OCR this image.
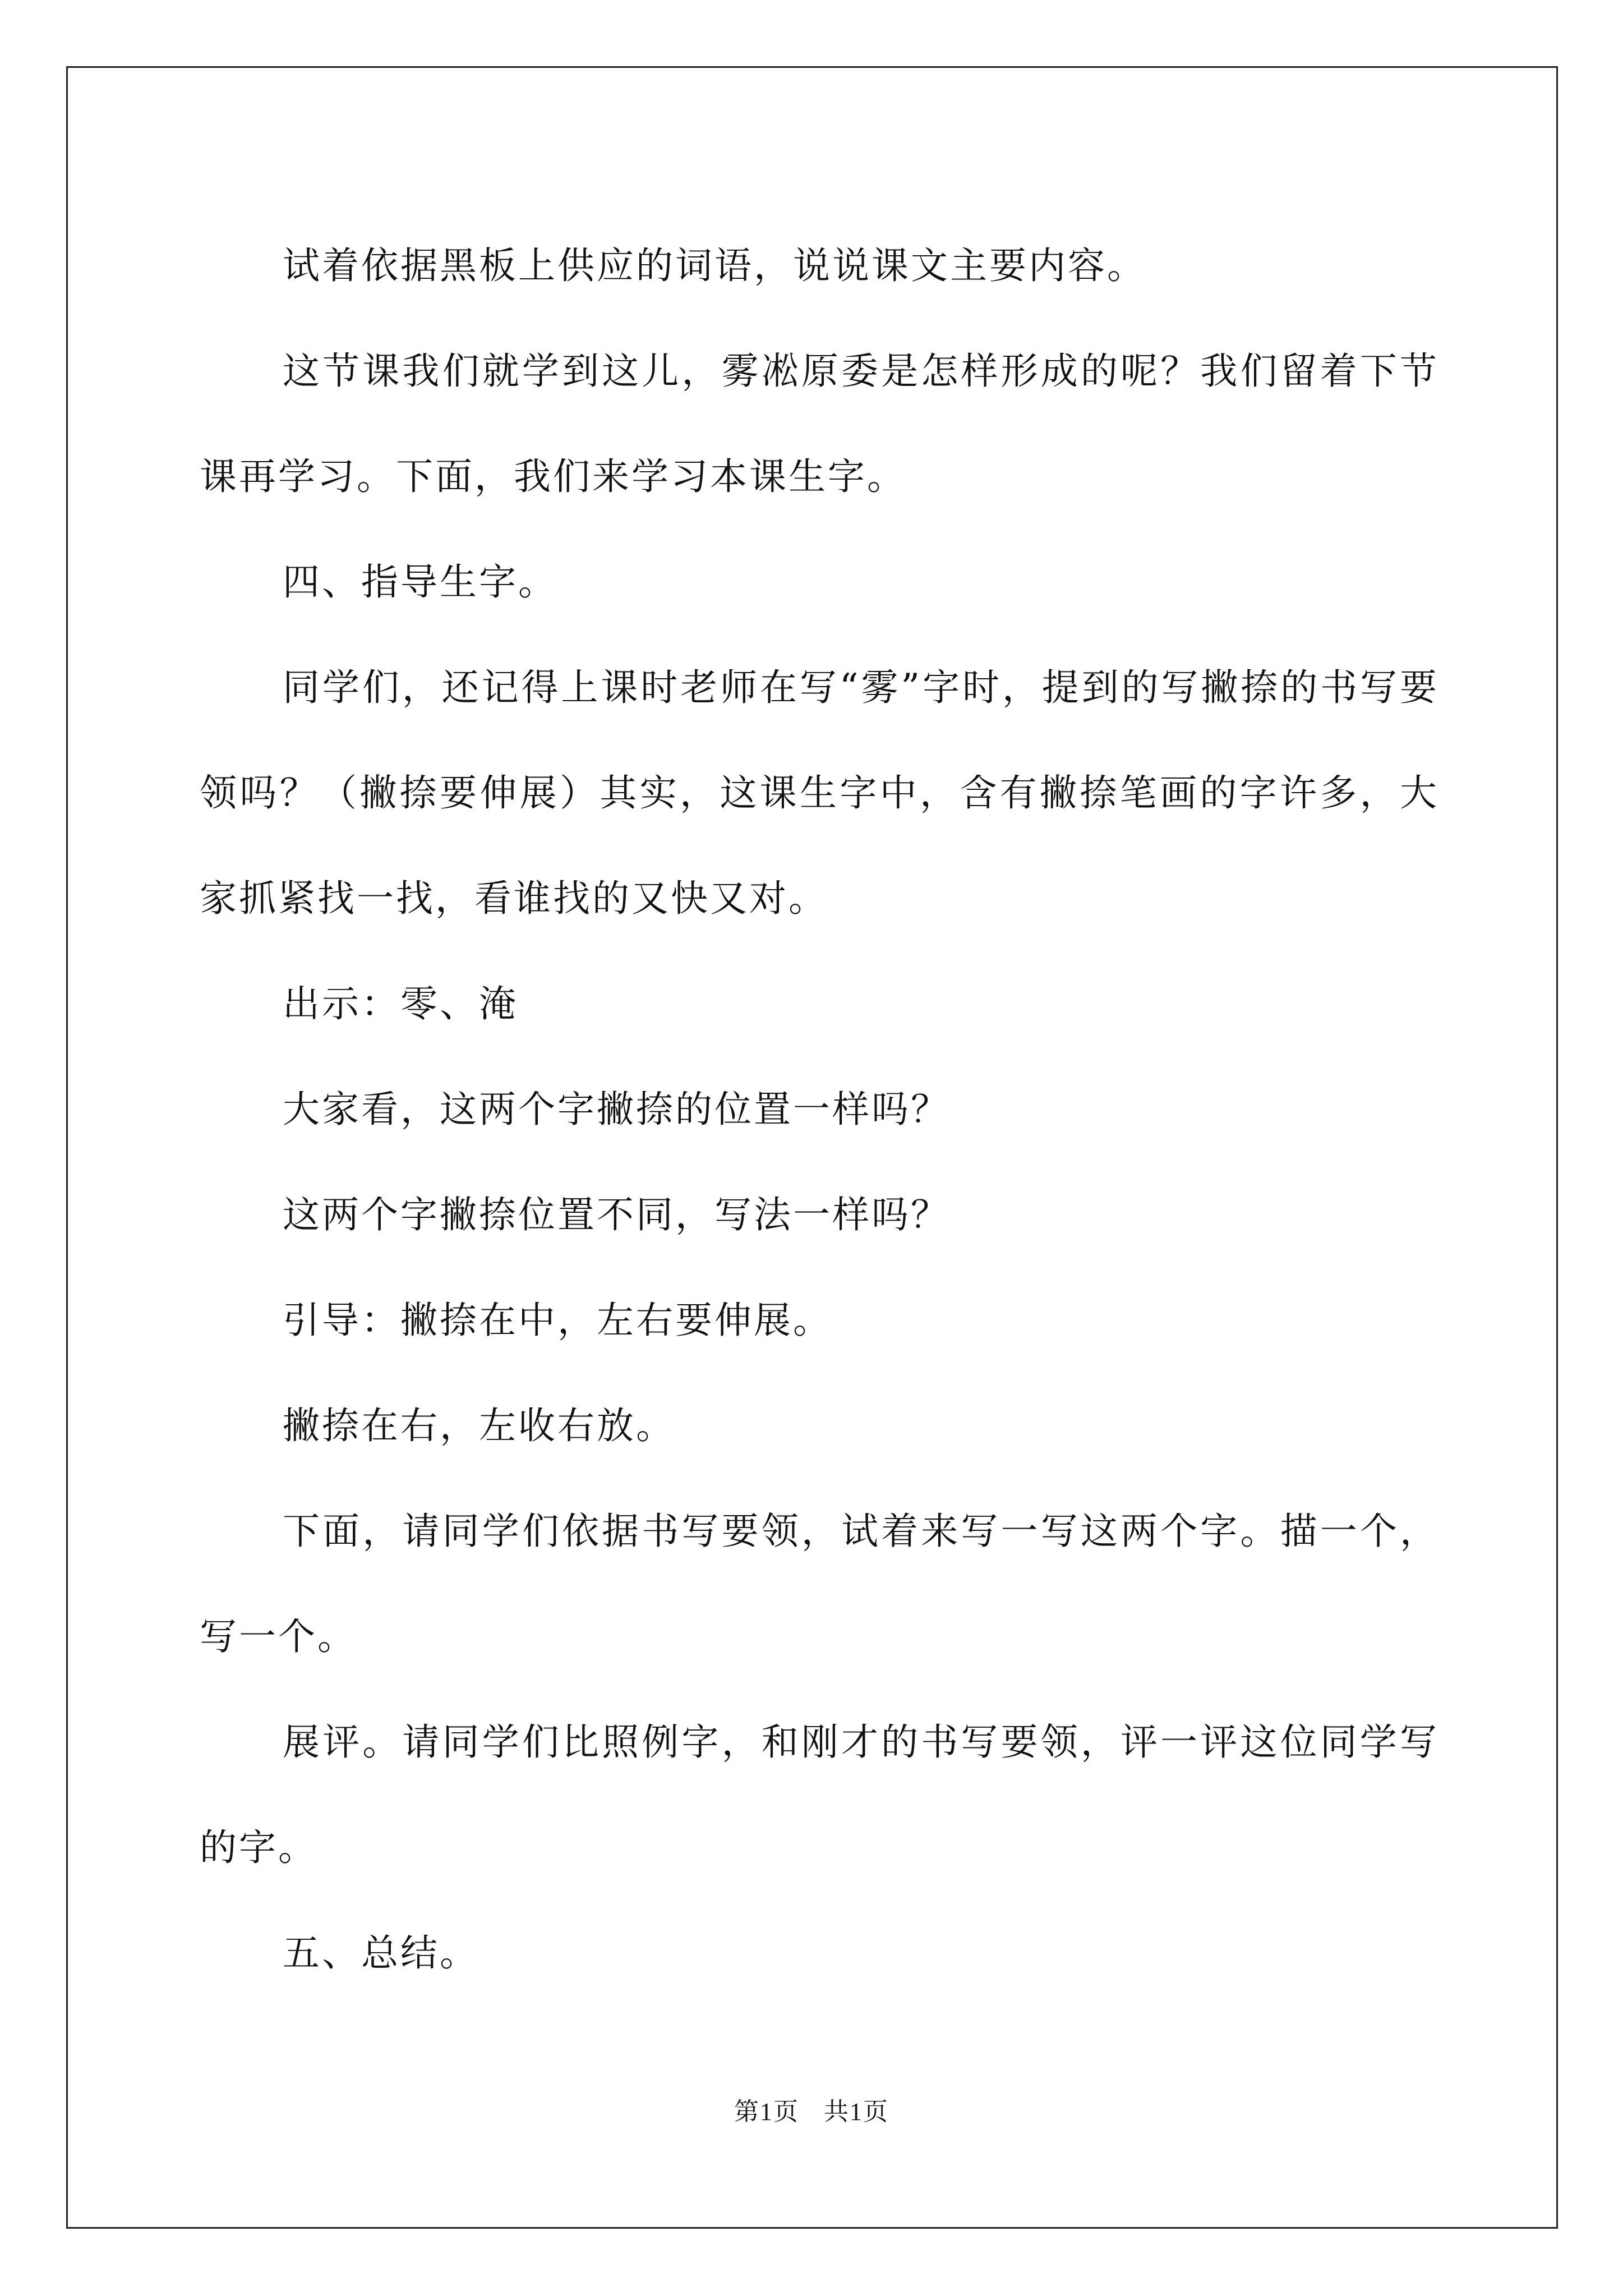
试着依据黑板上供应的词语，说说课文主要内容。

这节课我们就学到这儿，雾凇原委是怎样形成的呢？我们留着下节课再学习。下面，我们来学习本课生字。

四、指导生字。

同学们，还记得上课时老师在写“雾”字时，提到的写撇捺的书写要领吗？（撇捺要伸展）其实，这课生字中，含有撇捺笔画的字许多，大家抓紧找一找，看谁找的又快又对。

出示：零、淹

大家看，这两个字撇捺的位置一样吗？

这两个字撇捺位置不同，写法一样吗？

引导：撇捺在中，左右要伸展。

撇捺在右，左收右放。

下面，请同学们依据书写要领，试着来写一写这两个字。描一个，写一个。

展评。请同学们比照例字，和刚才的书写要领，评一评这位同学写的字。

五、总结。

第1页 共1页
